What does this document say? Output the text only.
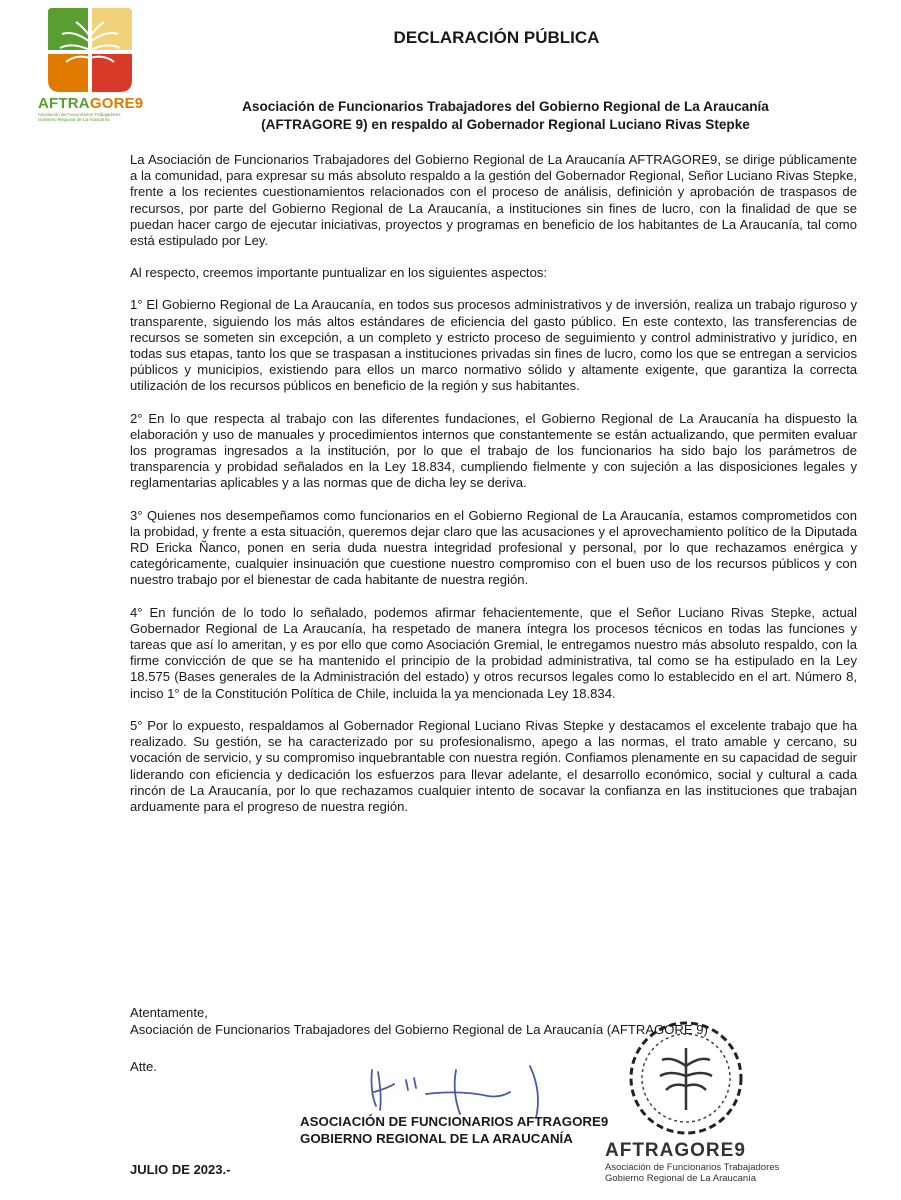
AFTRAGORE9
Asociación de Funcionarios Trabajadores
Gobierno Regional de La Araucanía
DECLARACIÓN PÚBLICA
Asociación de Funcionarios Trabajadores del Gobierno Regional de La Araucanía
(AFTRAGORE 9) en respaldo al Gobernador Regional Luciano Rivas Stepke

La Asociación de Funcionarios Trabajadores del Gobierno Regional de La Araucanía AFTRAGORE9, se dirige públicamente a la comunidad, para expresar su más absoluto respaldo a la gestión del Gobernador Regional, Señor Luciano Rivas Stepke, frente a los recientes cuestionamientos relacionados con el proceso de análisis, definición y aprobación de traspasos de recursos, por parte del Gobierno Regional de La Araucanía, a instituciones sin fines de lucro, con la finalidad de que se puedan hacer cargo de ejecutar iniciativas, proyectos y programas en beneficio de los habitantes de La Araucanía, tal como está estipulado por Ley.

Al respecto, creemos importante puntualizar en los siguientes aspectos:

1° El Gobierno Regional de La Araucanía, en todos sus procesos administrativos y de inversión, realiza un trabajo riguroso y transparente, siguiendo los más altos estándares de eficiencia del gasto público. En este contexto, las transferencias de recursos se someten sin excepción, a un completo y estricto proceso de seguimiento y control administrativo y jurídico, en todas sus etapas, tanto los que se traspasan a instituciones privadas sin fines de lucro, como los que se entregan a servicios públicos y municipios, existiendo para ellos un marco normativo sólido y altamente exigente, que garantiza la correcta utilización de los recursos públicos en beneficio de la región y sus habitantes.

2° En lo que respecta al trabajo con las diferentes fundaciones, el Gobierno Regional de La Araucanía ha dispuesto la elaboración y uso de manuales y procedimientos internos que constantemente se están actualizando, que permiten evaluar los programas ingresados a la institución, por lo que el trabajo de los funcionarios ha sido bajo los parámetros de transparencia y probidad señalados en la Ley 18.834, cumpliendo fielmente y con sujeción a las disposiciones legales y reglamentarias aplicables y a las normas que de dicha ley se deriva.

3° Quienes nos desempeñamos como funcionarios en el Gobierno Regional de La Araucanía, estamos comprometidos con la probidad, y frente a esta situación, queremos dejar claro que las acusaciones y el aprovechamiento político de la Diputada RD Ericka Ñanco, ponen en seria duda nuestra integridad profesional y personal, por lo que rechazamos enérgica y categóricamente, cualquier insinuación que cuestione nuestro compromiso con el buen uso de los recursos públicos y con nuestro trabajo por el bienestar de cada habitante de nuestra región.

4° En función de lo todo lo señalado, podemos afirmar fehacientemente, que el Señor Luciano Rivas Stepke, actual Gobernador Regional de La Araucanía, ha respetado de manera íntegra los procesos técnicos en todas las funciones y tareas que así lo ameritan, y es por ello que como Asociación Gremial, le entregamos nuestro más absoluto respaldo, con la firme convicción de que se ha mantenido el principio de la probidad administrativa, tal como se ha estipulado en la Ley 18.575 (Bases generales de la Administración del estado) y otros recursos legales como lo establecido en el art. Número 8, inciso 1° de la Constitución Política de Chile, incluida la ya mencionada Ley 18.834.

5° Por lo expuesto, respaldamos al Gobernador Regional Luciano Rivas Stepke y destacamos el excelente trabajo que ha realizado. Su gestión, se ha caracterizado por su profesionalismo, apego a las normas, el trato amable y cercano, su vocación de servicio, y su compromiso inquebrantable con nuestra región. Confiamos plenamente en su capacidad de seguir liderando con eficiencia y dedicación los esfuerzos para llevar adelante, el desarrollo económico, social y cultural a cada rincón de La Araucanía, por lo que rechazamos cualquier intento de socavar la confianza en las instituciones que trabajan arduamente para el progreso de nuestra región.

Atentamente,

Asociación de Funcionarios Trabajadores del Gobierno Regional de La Araucanía (AFTRAGORE 9)

Atte.
ASOCIACIÓN DE FUNCIONARIOS AFTRAGORE9
GOBIERNO REGIONAL DE LA ARAUCANÍA
AFTRAGORE9
Asociación de Funcionarios Trabajadores
Gobierno Regional de La Araucanía
JULIO DE 2023.-
